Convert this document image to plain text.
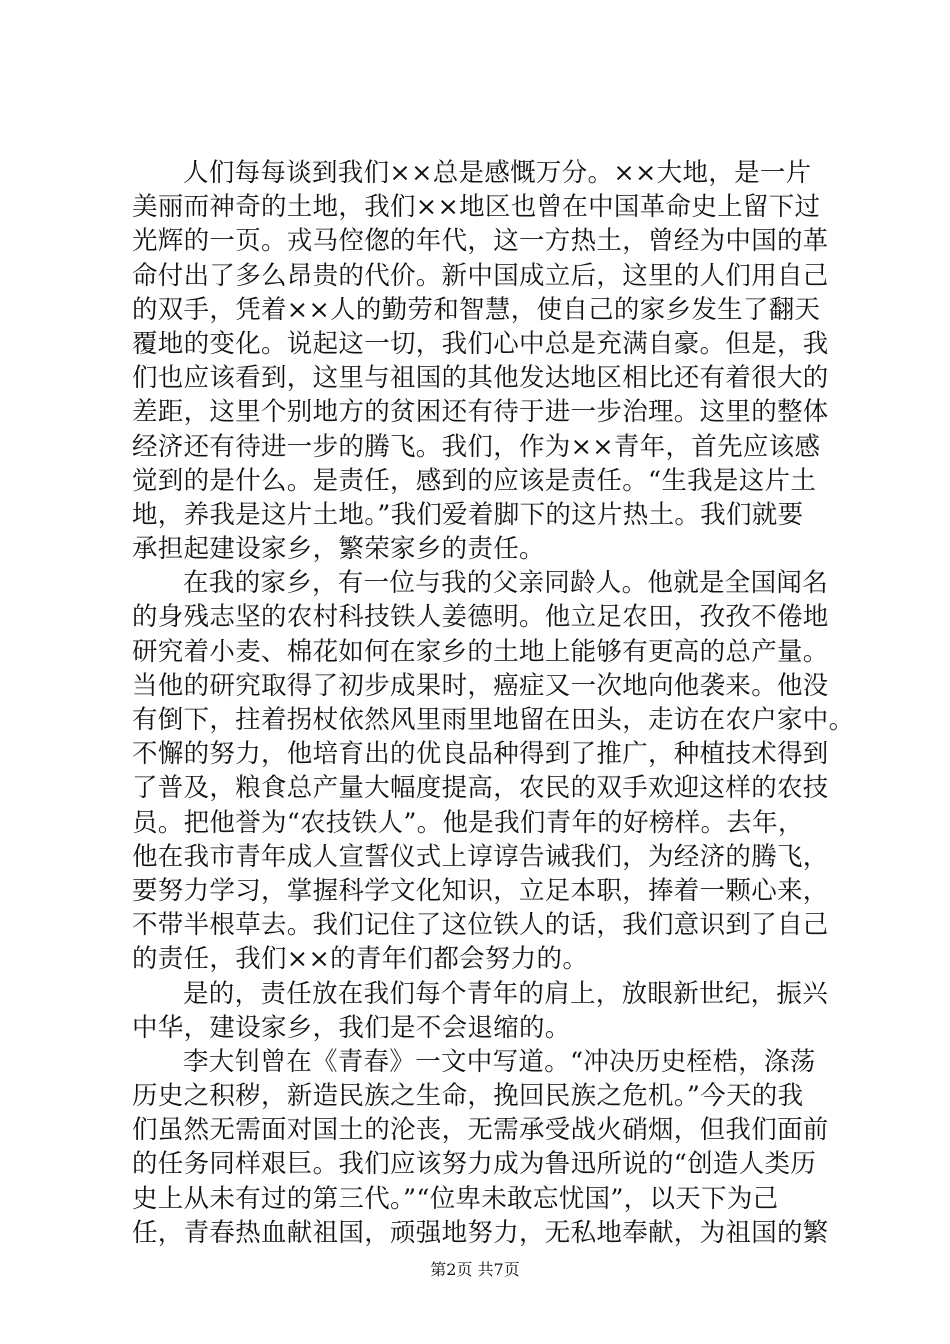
人们每每谈到我们××总是感慨万分。××大地，是一片
美丽而神奇的土地，我们××地区也曾在中国革命史上留下过
光辉的一页。戎马倥偬的年代，这一方热土，曾经为中国的革
命付出了多么昂贵的代价。新中国成立后，这里的人们用自己
的双手，凭着××人的勤劳和智慧，使自己的家乡发生了翻天
覆地的变化。说起这一切，我们心中总是充满自豪。但是，我
们也应该看到，这里与祖国的其他发达地区相比还有着很大的
差距，这里个别地方的贫困还有待于进一步治理。这里的整体
经济还有待进一步的腾飞。我们，作为××青年，首先应该感
觉到的是什么。是责任，感到的应该是责任。“生我是这片土
地，养我是这片土地。”我们爱着脚下的这片热土。我们就要
承担起建设家乡，繁荣家乡的责任。
在我的家乡，有一位与我的父亲同龄人。他就是全国闻名
的身残志坚的农村科技铁人姜德明。他立足农田，孜孜不倦地
研究着小麦、棉花如何在家乡的土地上能够有更高的总产量。
当他的研究取得了初步成果时，癌症又一次地向他袭来。他没
有倒下，拄着拐杖依然风里雨里地留在田头，走访在农户家中。
不懈的努力，他培育出的优良品种得到了推广，种植技术得到
了普及，粮食总产量大幅度提高，农民的双手欢迎这样的农技
员。把他誉为“农技铁人”。他是我们青年的好榜样。去年，
他在我市青年成人宣誓仪式上谆谆告诫我们，为经济的腾飞，
要努力学习，掌握科学文化知识，立足本职，捧着一颗心来，
不带半根草去。我们记住了这位铁人的话，我们意识到了自己
的责任，我们××的青年们都会努力的。
是的，责任放在我们每个青年的肩上，放眼新世纪，振兴
中华，建设家乡，我们是不会退缩的。
李大钊曾在《青春》一文中写道。“冲决历史桎梏，涤荡
历史之积秽，新造民族之生命，挽回民族之危机。”今天的我
们虽然无需面对国土的沦丧，无需承受战火硝烟，但我们面前
的任务同样艰巨。我们应该努力成为鲁迅所说的“创造人类历
史上从未有过的第三代。”“位卑未敢忘忧国”，以天下为己
任，青春热血献祖国，顽强地努力，无私地奉献，为祖国的繁
第2页 共7页
